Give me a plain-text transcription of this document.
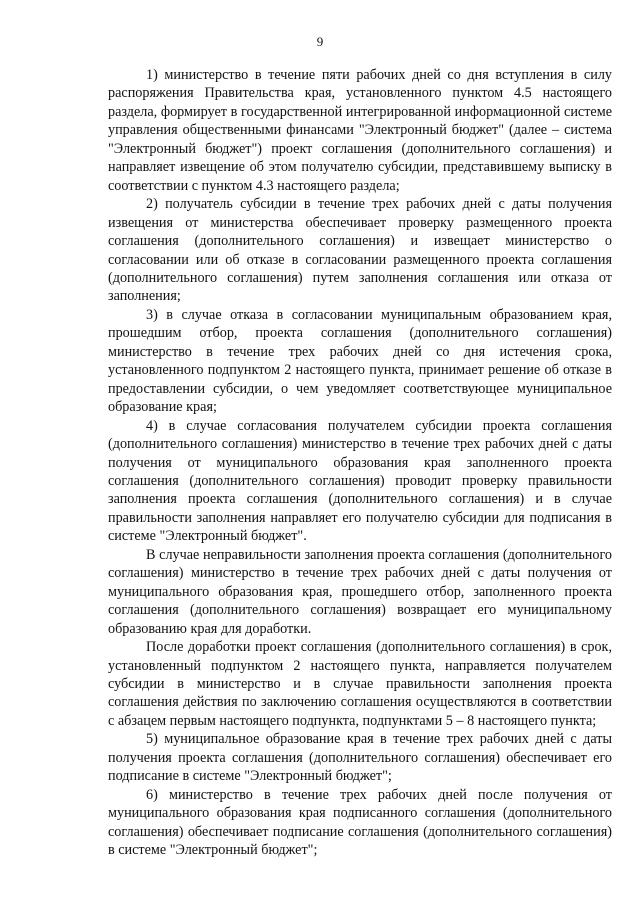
9

1) министерство в течение пяти рабочих дней со дня вступления в силу распоряжения Правительства края, установленного пунктом 4.5 настоящего раздела, формирует в государственной интегрированной информационной системе управления общественными финансами "Электронный бюджет" (далее – система "Электронный бюджет") проект соглашения (дополнительного соглашения) и направляет извещение об этом получателю субсидии, представившему выписку в соответствии с пунктом 4.3 настоящего раздела;

2) получатель субсидии в течение трех рабочих дней с даты получения извещения от министерства обеспечивает проверку размещенного проекта соглашения (дополнительного соглашения) и извещает министерство о согласовании или об отказе в согласовании размещенного проекта соглашения (дополнительного соглашения) путем заполнения соглашения или отказа от заполнения;

3) в случае отказа в согласовании муниципальным образованием края, прошедшим отбор, проекта соглашения (дополнительного соглашения) министерство в течение трех рабочих дней со дня истечения срока, установленного подпунктом 2 настоящего пункта, принимает решение об отказе в предоставлении субсидии, о чем уведомляет соответствующее муниципальное образование края;

4) в случае согласования получателем субсидии проекта соглашения (дополнительного соглашения) министерство в течение трех рабочих дней с даты получения от муниципального образования края заполненного проекта соглашения (дополнительного соглашения) проводит проверку правильности заполнения проекта соглашения (дополнительного соглашения) и в случае правильности заполнения направляет его получателю субсидии для подписания в системе "Электронный бюджет".

В случае неправильности заполнения проекта соглашения (дополнительного соглашения) министерство в течение трех рабочих дней с даты получения от муниципального образования края, прошедшего отбор, заполненного проекта соглашения (дополнительного соглашения) возвращает его муниципальному образованию края для доработки.

После доработки проект соглашения (дополнительного соглашения) в срок, установленный подпунктом 2 настоящего пункта, направляется получателем субсидии в министерство и в случае правильности заполнения проекта соглашения действия по заключению соглашения осуществляются в соответствии с абзацем первым настоящего подпункта, подпунктами 5 – 8 настоящего пункта;

5) муниципальное образование края в течение трех рабочих дней с даты получения проекта соглашения (дополнительного соглашения) обеспечивает его подписание в системе "Электронный бюджет";

6) министерство в течение трех рабочих дней после получения от муниципального образования края подписанного соглашения (дополнительного соглашения) обеспечивает подписание соглашения (дополнительного соглашения) в системе "Электронный бюджет";
